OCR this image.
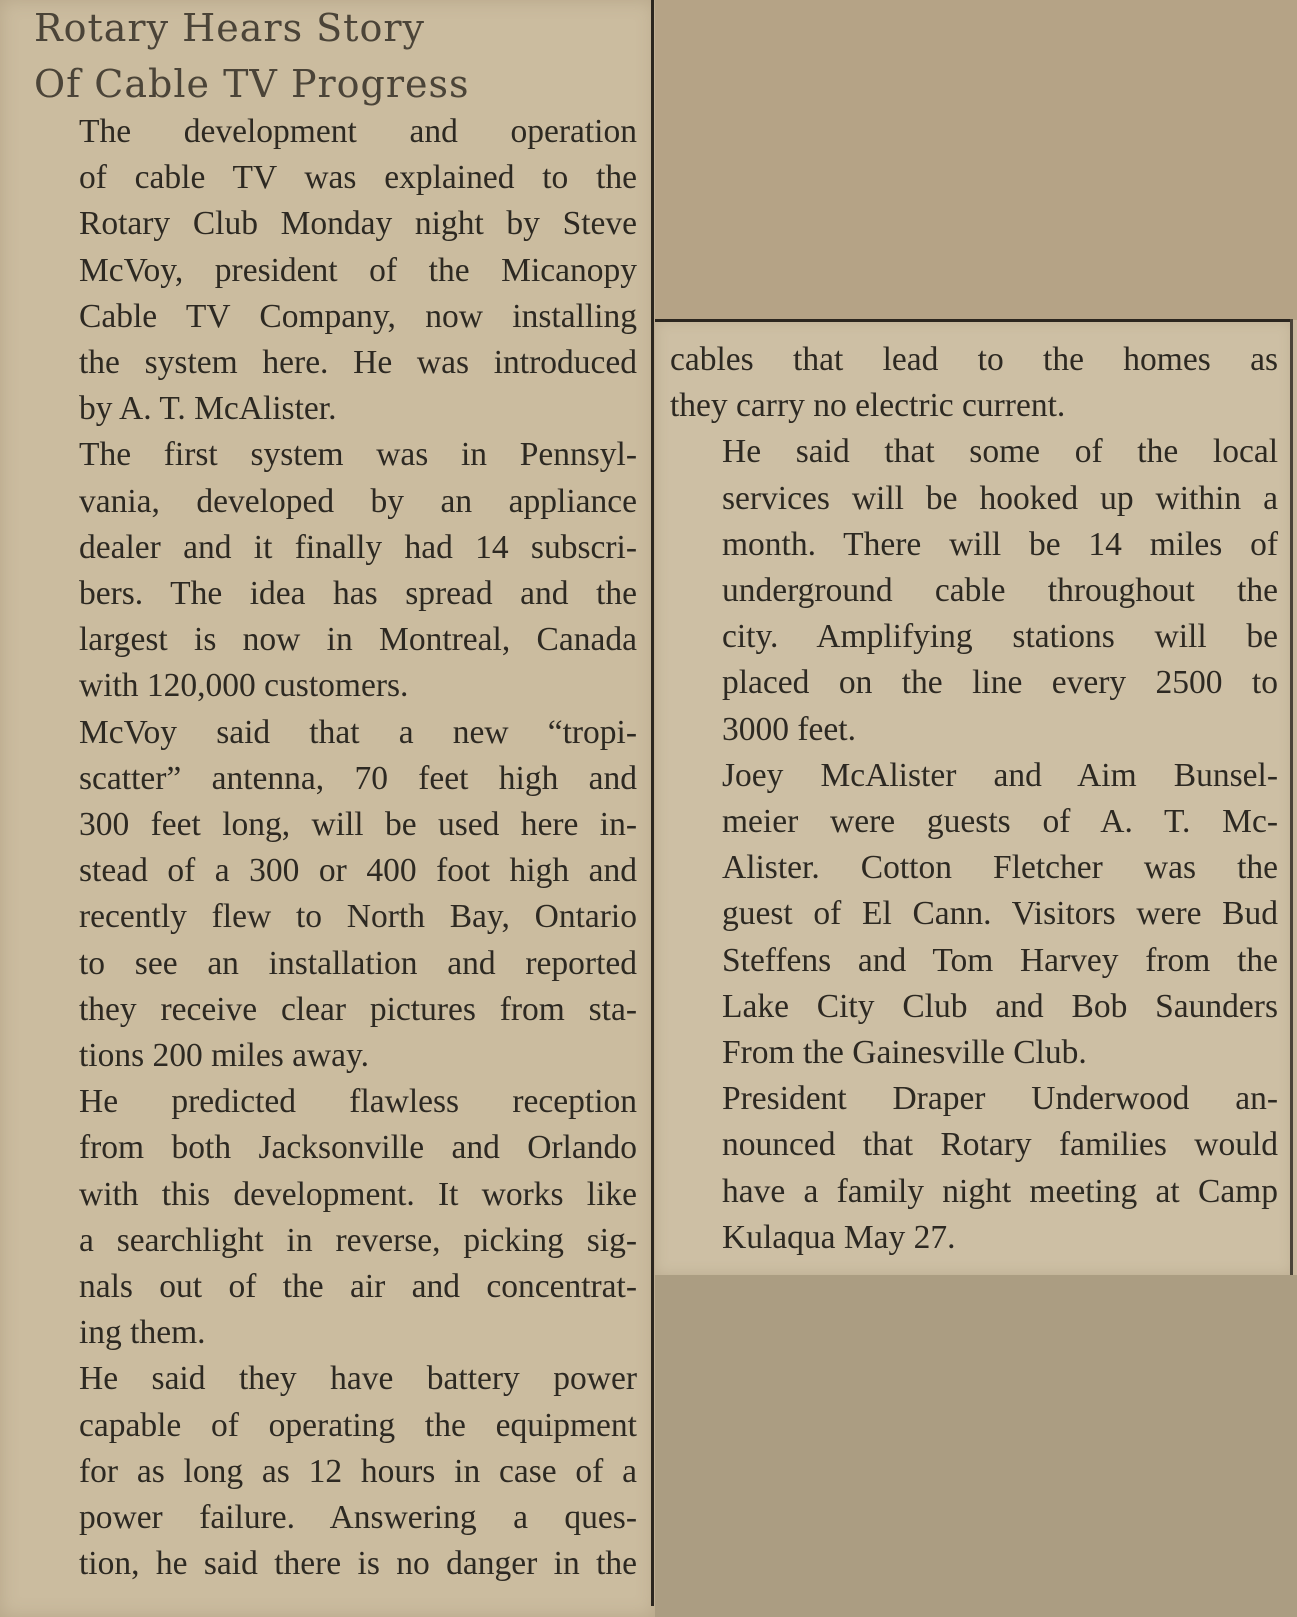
Rotary Hears Story
Of Cable TV Progress

The development and operation
of cable TV was explained to the
Rotary Club Monday night by Steve
McVoy, president of the Micanopy
Cable TV Company, now installing
the system here. He was introduced
by A. T. McAlister.

The first system was in Pennsyl-
vania, developed by an appliance
dealer and it finally had 14 subscri-
bers. The idea has spread and the
largest is now in Montreal, Canada
with 120,000 customers.

McVoy said that a new “tropi-
scatter” antenna, 70 feet high and
300 feet long, will be used here in-
stead of a 300 or 400 foot high and
recently flew to North Bay, Ontario
to see an installation and reported
they receive clear pictures from sta-
tions 200 miles away.

He predicted flawless reception
from both Jacksonville and Orlando
with this development. It works like
a searchlight in reverse, picking sig-
nals out of the air and concentrat-
ing them.

He said they have battery power
capable of operating the equipment
for as long as 12 hours in case of a
power failure. Answering a ques-
tion, he said there is no danger in the

cables that lead to the homes as
they carry no electric current.

He said that some of the local
services will be hooked up within a
month. There will be 14 miles of
underground cable throughout the
city. Amplifying stations will be
placed on the line every 2500 to
3000 feet.

Joey McAlister and Aim Bunsel-
meier were guests of A. T. Mc-
Alister. Cotton Fletcher was the
guest of El Cann. Visitors were Bud
Steffens and Tom Harvey from the
Lake City Club and Bob Saunders
From the Gainesville Club.

President Draper Underwood an-
nounced that Rotary families would
have a family night meeting at Camp
Kulaqua May 27.
